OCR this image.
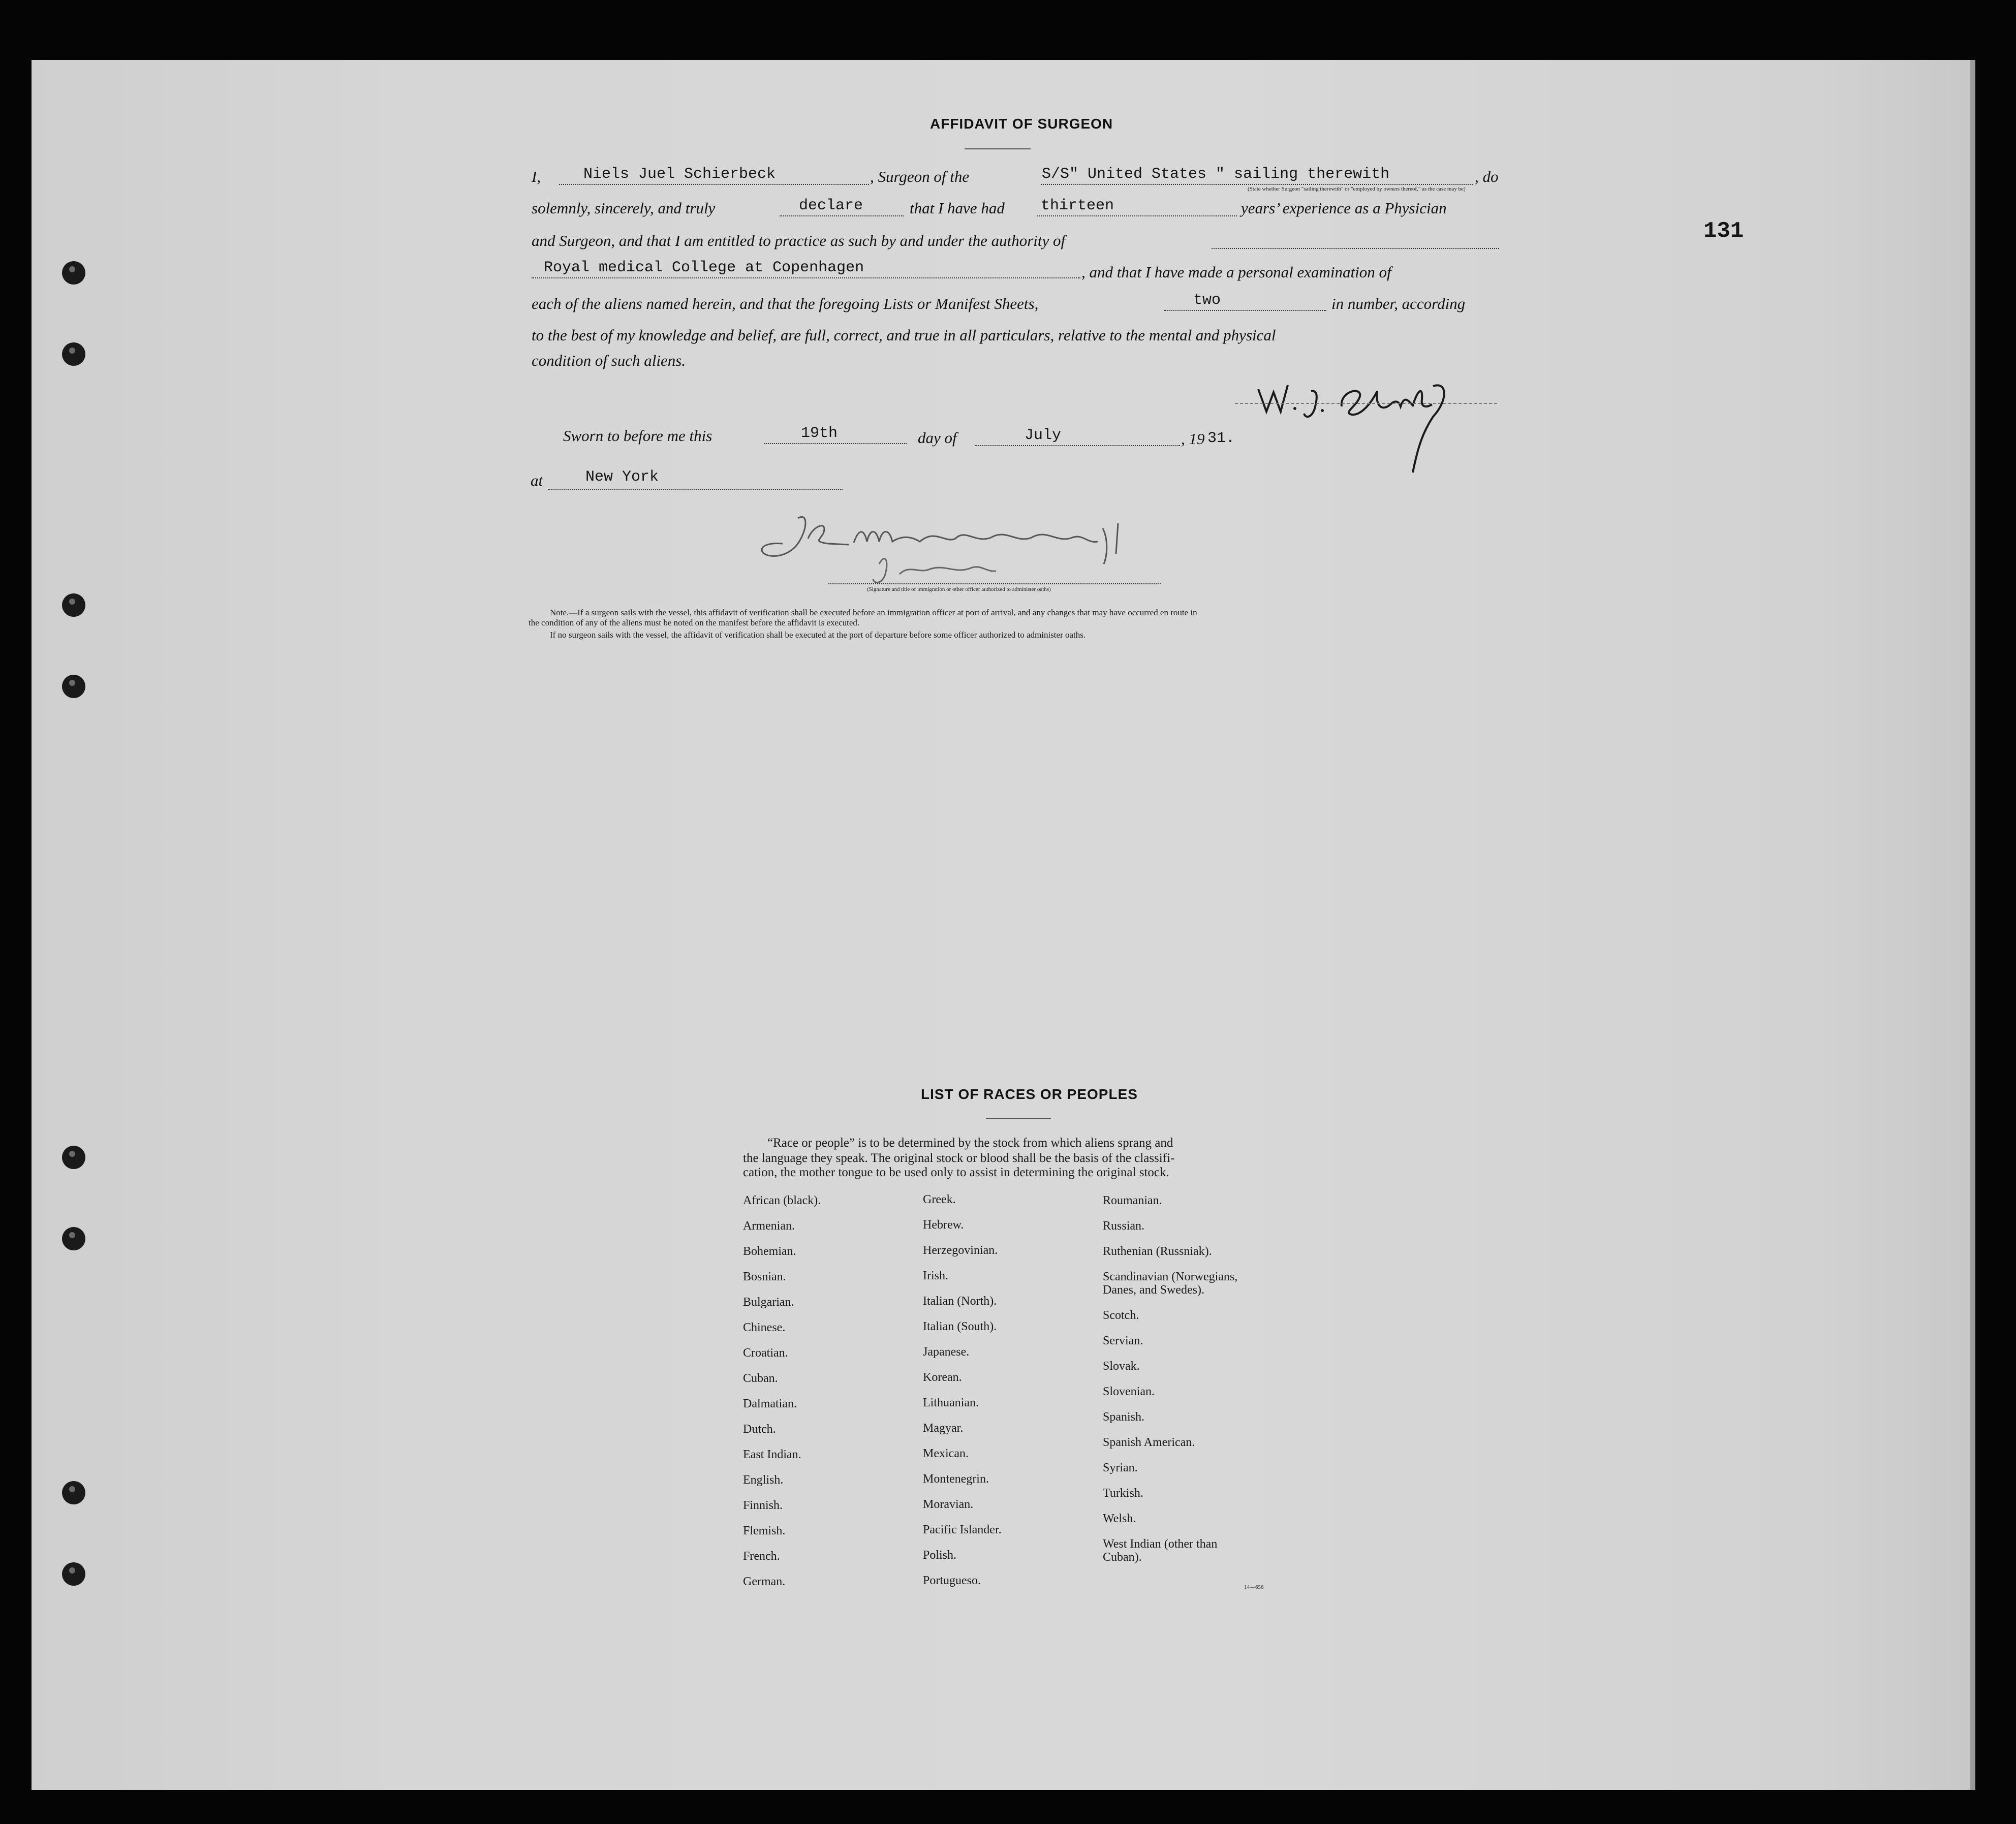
131
AFFIDAVIT OF SURGEON
I,	Niels Juel Schierbeck	, Surgeon of the	S/S" United States " sailing therewith	, do
(State whether Surgeon "sailing therewith" or "employed by owners thereof," as the case may be)
solemnly, sincerely, and truly	declare	that I have had thirteen	years’ experience as a Physician
and Surgeon, and that I am entitled to practice as such by and under the authority of
Royal medical College at Copenhagen	, and that I have made a personal examination of
each of the aliens named herein, and that the foregoing Lists or Manifest Sheets,	two	in number, according
to the best of my knowledge and belief, are full, correct, and true in all particulars, relative to the mental and physical
condition of such aliens.
Sworn to before me this	19th	day of	July	, 19 31.
at	New York
(Signature and title of immigration or other officer authorized to administer oaths)
Note.—If a surgeon sails with the vessel, this affidavit of verification shall be executed before an immigration officer at port of arrival, and any changes that may have occurred en route in
the condition of any of the aliens must be noted on the manifest before the affidavit is executed.
If no surgeon sails with the vessel, the affidavit of verification shall be executed at the port of departure before some officer authorized to administer oaths.
LIST OF RACES OR PEOPLES
“Race or people” is to be determined by the stock from which aliens sprang and
the language they speak. The original stock or blood shall be the basis of the classifi-
cation, the mother tongue to be used only to assist in determining the original stock.
African (black).
Armenian.
Bohemian.
Bosnian.
Bulgarian.
Chinese.
Croatian.
Cuban.
Dalmatian.
Dutch.
East Indian.
English.
Finnish.
Flemish.
French.
German.
Greek.
Hebrew.
Herzegovinian.
Irish.
Italian (North).
Italian (South).
Japanese.
Korean.
Lithuanian.
Magyar.
Mexican.
Montenegrin.
Moravian.
Pacific Islander.
Polish.
Portugueso.
Roumanian.
Russian.
Ruthenian (Russniak).
Scandinavian (Norwegians,
Danes, and Swedes).
Scotch.
Servian.
Slovak.
Slovenian.
Spanish.
Spanish American.
Syrian.
Turkish.
Welsh.
West Indian (other than
Cuban).
14—656
